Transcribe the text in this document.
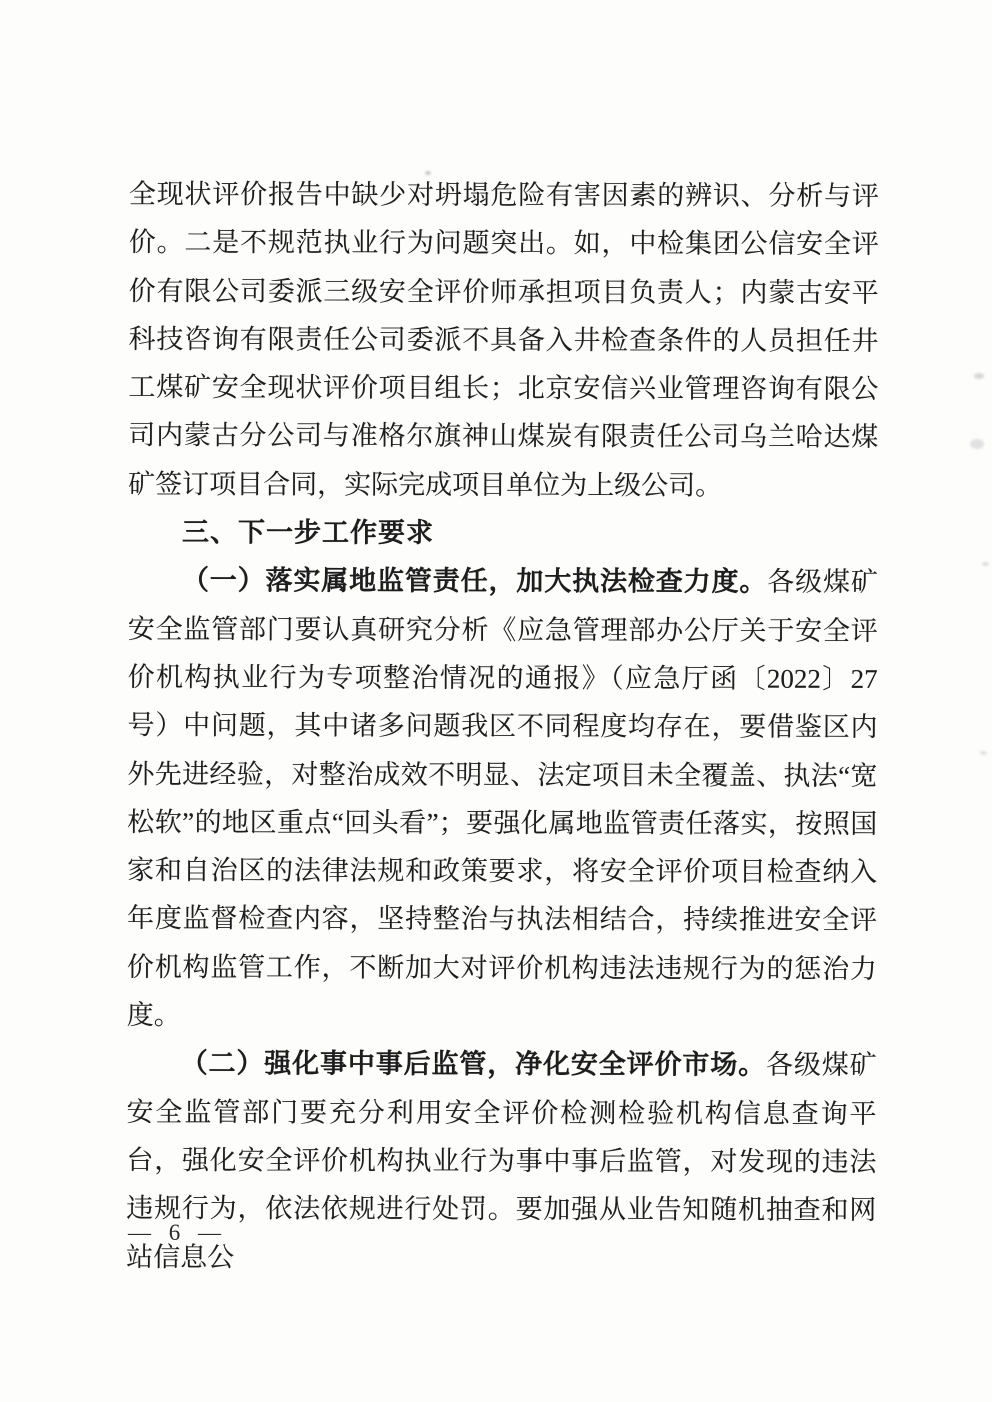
全现状评价报告中缺少对坍塌危险有害因素的辨识、分析与评价。二是不规范执业行为问题突出。如，中检集团公信安全评价有限公司委派三级安全评价师承担项目负责人；内蒙古安平科技咨询有限责任公司委派不具备入井检查条件的人员担任井工煤矿安全现状评价项目组长；北京安信兴业管理咨询有限公司内蒙古分公司与准格尔旗神山煤炭有限责任公司乌兰哈达煤矿签订项目合同，实际完成项目单位为上级公司。

三、下一步工作要求

（一）落实属地监管责任，加大执法检查力度。各级煤矿安全监管部门要认真研究分析《应急管理部办公厅关于安全评价机构执业行为专项整治情况的通报》（应急厅函〔2022〕27 号）中问题，其中诸多问题我区不同程度均存在，要借鉴区内外先进经验，对整治成效不明显、法定项目未全覆盖、执法“宽松软”的地区重点“回头看”；要强化属地监管责任落实，按照国家和自治区的法律法规和政策要求，将安全评价项目检查纳入年度监督检查内容，坚持整治与执法相结合，持续推进安全评价机构监管工作，不断加大对评价机构违法违规行为的惩治力度。

（二）强化事中事后监管，净化安全评价市场。各级煤矿安全监管部门要充分利用安全评价检测检验机构信息查询平台，强化安全评价机构执业行为事中事后监管，对发现的违法违规行为，依法依规进行处罚。要加强从业告知随机抽查和网站信息公

— 6 —
